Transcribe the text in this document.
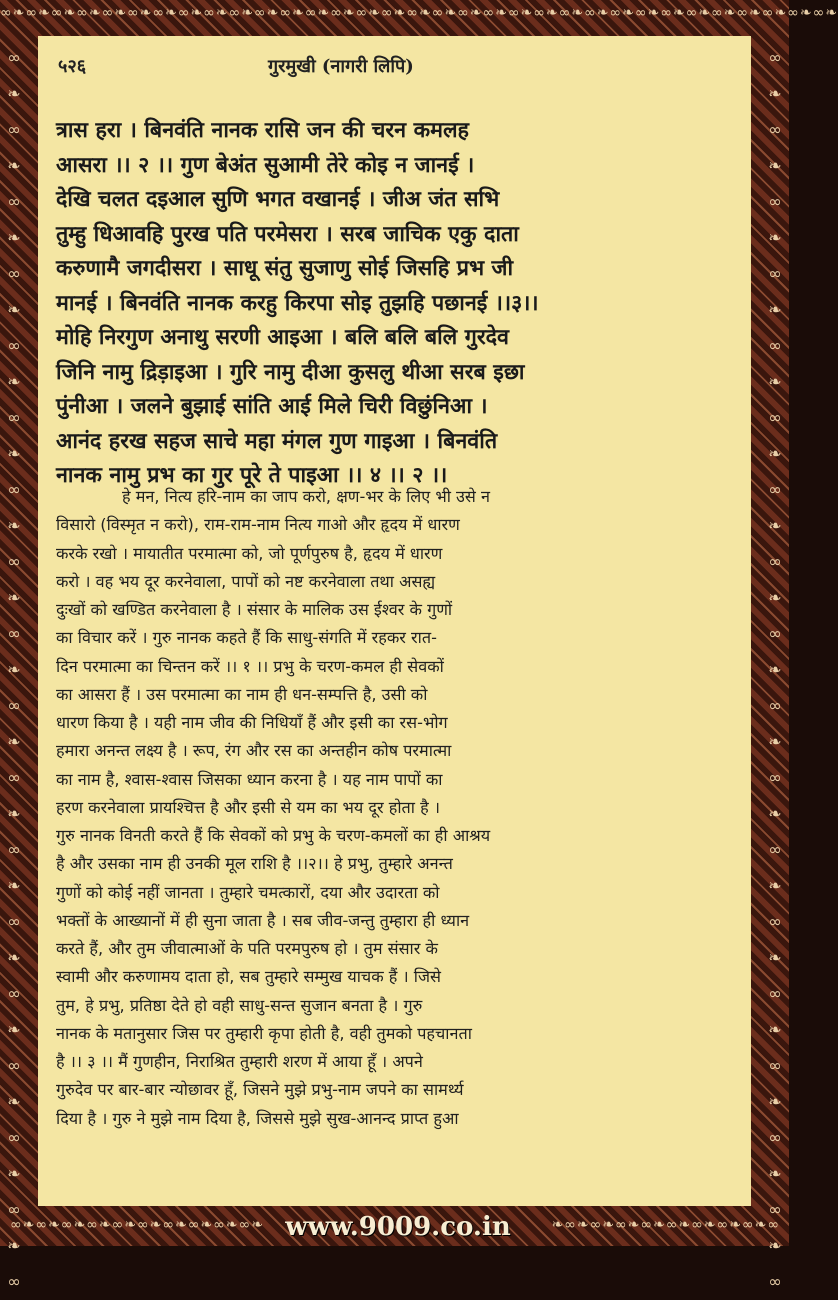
∞❧∞❧∞❧∞❧∞❧∞❧∞❧∞❧∞❧∞❧∞❧∞❧∞❧∞❧∞❧∞❧∞❧∞❧∞❧∞❧∞❧∞❧∞❧∞❧∞❧∞❧∞❧∞❧∞❧∞❧∞❧∞❧∞❧
∞
❧
∞
❧
∞
❧
∞
❧
∞
❧
∞
❧
∞
❧
∞
❧
∞
❧
∞
❧
∞
❧
∞
❧
∞
❧
∞
❧
∞
❧
∞
❧
∞
❧
∞
∞
❧
∞
❧
∞
❧
∞
❧
∞
❧
∞
❧
∞
❧
∞
❧
∞
❧
∞
❧
∞
❧
∞
❧
∞
❧
∞
❧
∞
❧
∞
❧
∞
❧
∞
∞❧∞❧∞❧∞❧∞❧∞❧∞❧∞❧∞❧∞❧	❧∞❧∞❧∞❧∞❧∞❧∞❧∞❧∞❧∞
www.9009.co.in
५२६	गुरमुखी (नागरी लिपि)
त्रास हरा । बिनवंति नानक रासि जन की चरन कमलह
आसरा ।। २ ।। गुण बेअंत सुआमी तेरे कोइ न जानई ।
देखि चलत दइआल सुणि भगत वखानई । जीअ जंत सभि
तुम्हु धिआवहि पुरख पति परमेसरा । सरब जाचिक एकु दाता
करुणामै जगदीसरा । साधू संतु सुजाणु सोई जिसहि प्रभ जी
मानई । बिनवंति नानक करहु किरपा सोइ तुझहि पछानई ।।३।।
मोहि निरगुण अनाथु सरणी आइआ । बलि बलि बलि गुरदेव
जिनि नामु द्रिड़ाइआ । गुरि नामु दीआ कुसलु थीआ सरब इछा
पुंनीआ । जलने बुझाई सांति आई मिले चिरी विछुंनिआ ।
आनंद हरख सहज साचे महा मंगल गुण गाइआ । बिनवंति
नानक नामु प्रभ का गुर पूरे ते पाइआ ।। ४ ।। २ ।।
हे मन, नित्य हरि-नाम का जाप करो, क्षण-भर के लिए भी उसे न
विसारो (विस्मृत न करो), राम-राम-नाम नित्य गाओ और हृदय में धारण
करके रखो । मायातीत परमात्मा को, जो पूर्णपुरुष है, हृदय में धारण
करो । वह भय दूर करनेवाला, पापों को नष्ट करनेवाला तथा असह्य
दुःखों को खण्डित करनेवाला है । संसार के मालिक उस ईश्वर के गुणों
का विचार करें । गुरु नानक कहते हैं कि साधु-संगति में रहकर रात-
दिन परमात्मा का चिन्तन करें ।। १ ।। प्रभु के चरण-कमल ही सेवकों
का आसरा हैं । उस परमात्मा का नाम ही धन-सम्पत्ति है, उसी को
धारण किया है । यही नाम जीव की निधियाँ हैं और इसी का रस-भोग
हमारा अनन्त लक्ष्य है । रूप, रंग और रस का अन्तहीन कोष परमात्मा
का नाम है, श्वास-श्वास जिसका ध्यान करना है । यह नाम पापों का
हरण करनेवाला प्रायश्चित्त है और इसी से यम का भय दूर होता है ।
गुरु नानक विनती करते हैं कि सेवकों को प्रभु के चरण-कमलों का ही आश्रय
है और उसका नाम ही उनकी मूल राशि है ।।२।। हे प्रभु, तुम्हारे अनन्त
गुणों को कोई नहीं जानता । तुम्हारे चमत्कारों, दया और उदारता को
भक्तों के आख्यानों में ही सुना जाता है । सब जीव-जन्तु तुम्हारा ही ध्यान
करते हैं, और तुम जीवात्माओं के पति परमपुरुष हो । तुम संसार के
स्वामी और करुणामय दाता हो, सब तुम्हारे सम्मुख याचक हैं । जिसे
तुम, हे प्रभु, प्रतिष्ठा देते हो वही साधु-सन्त सुजान बनता है । गुरु
नानक के मतानुसार जिस पर तुम्हारी कृपा होती है, वही तुमको पहचानता
है ।। ३ ।। मैं गुणहीन, निराश्रित तुम्हारी शरण में आया हूँ । अपने
गुरुदेव पर बार-बार न्योछावर हूँ, जिसने मुझे प्रभु-नाम जपने का सामर्थ्य
दिया है । गुरु ने मुझे नाम दिया है, जिससे मुझे सुख-आनन्द प्राप्त हुआ
